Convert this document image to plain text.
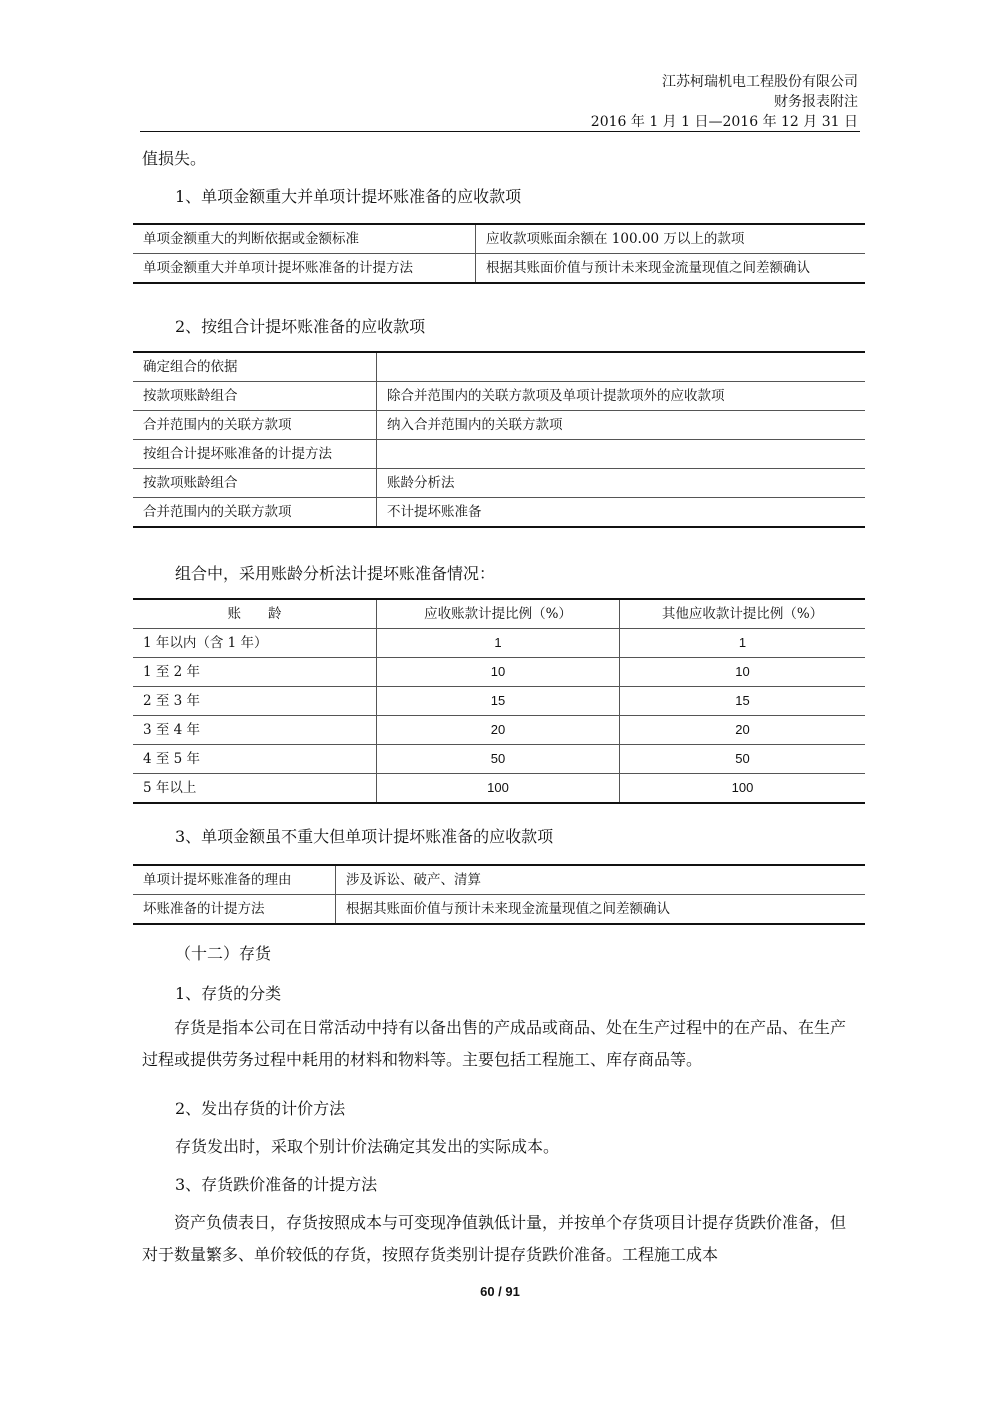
江苏柯瑞机电工程股份有限公司
财务报表附注
2016 年 1 月 1 日—2016 年 12 月 31 日
值损失。
1、单项金额重大并单项计提坏账准备的应收款项
单项金额重大的判断依据或金额标准	应收款项账面余额在 100.00 万以上的款项
单项金额重大并单项计提坏账准备的计提方法	根据其账面价值与预计未来现金流量现值之间差额确认
2、按组合计提坏账准备的应收款项
确定组合的依据	
按款项账龄组合	除合并范围内的关联方款项及单项计提款项外的应收款项
合并范围内的关联方款项	纳入合并范围内的关联方款项
按组合计提坏账准备的计提方法	
按款项账龄组合	账龄分析法
合并范围内的关联方款项	不计提坏账准备
组合中，采用账龄分析法计提坏账准备情况：
账　　龄	应收账款计提比例（%）	其他应收款计提比例（%）
1 年以内（含 1 年）	1	1
1 至 2 年	10	10
2 至 3 年	15	15
3 至 4 年	20	20
4 至 5 年	50	50
5 年以上	100	100
3、单项金额虽不重大但单项计提坏账准备的应收款项
单项计提坏账准备的理由	涉及诉讼、破产、清算
坏账准备的计提方法	根据其账面价值与预计未来现金流量现值之间差额确认
（十二）存货
1、存货的分类
存货是指本公司在日常活动中持有以备出售的产成品或商品、处在生产过程中的在产品、在生产过程或提供劳务过程中耗用的材料和物料等。主要包括工程施工、库存商品等。
2、发出存货的计价方法
存货发出时，采取个别计价法确定其发出的实际成本。
3、存货跌价准备的计提方法
资产负债表日，存货按照成本与可变现净值孰低计量，并按单个存货项目计提存货跌价准备，但对于数量繁多、单价较低的存货，按照存货类别计提存货跌价准备。工程施工成本
60 / 91
